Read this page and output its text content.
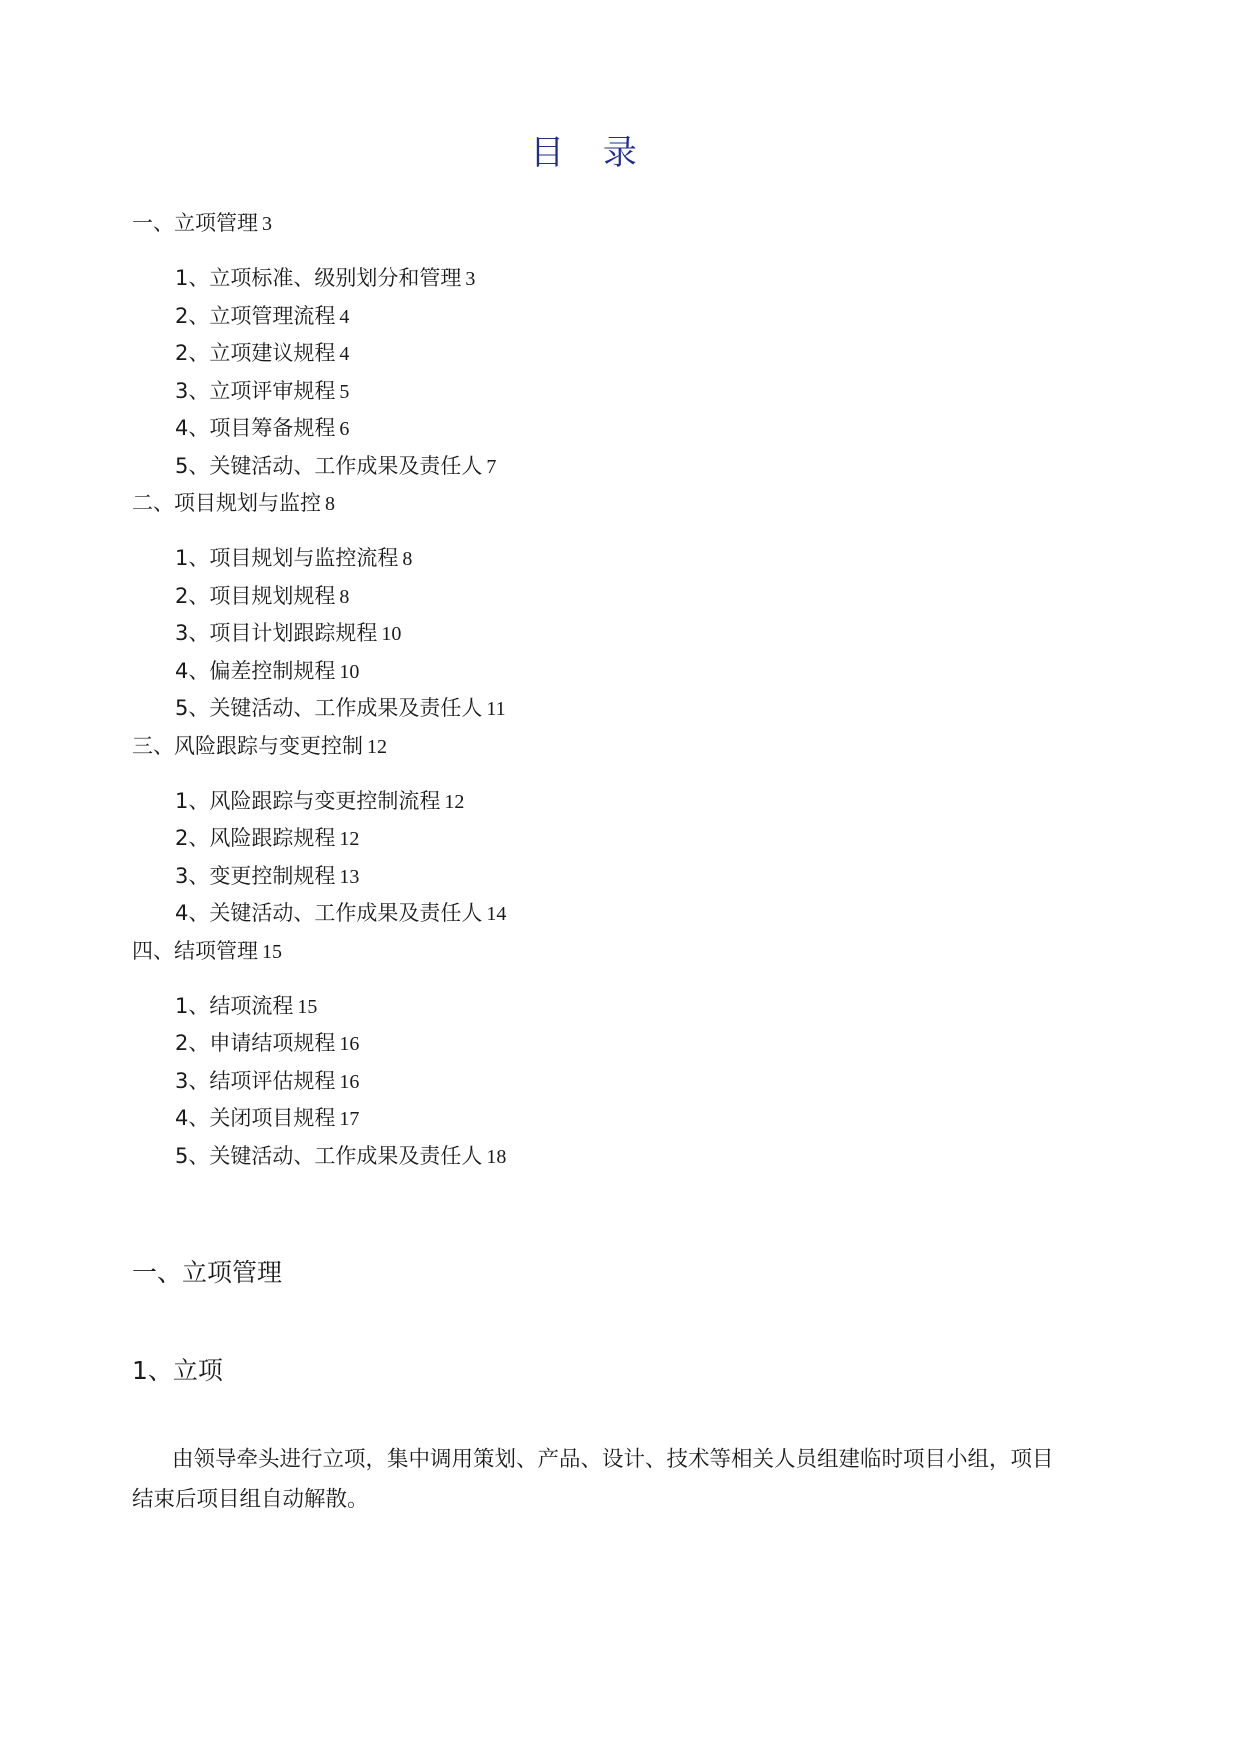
目 录
一、立项管理 3
1、立项标准、级别划分和管理 3
2、立项管理流程 4
2、立项建议规程 4
3、立项评审规程 5
4、项目筹备规程 6
5、关键活动、工作成果及责任人 7
二、项目规划与监控 8
1、项目规划与监控流程 8
2、项目规划规程 8
3、项目计划跟踪规程 10
4、偏差控制规程 10
5、关键活动、工作成果及责任人 11
三、风险跟踪与变更控制 12
1、风险跟踪与变更控制流程 12
2、风险跟踪规程 12
3、变更控制规程 13
4、关键活动、工作成果及责任人 14
四、结项管理 15
1、结项流程 15
2、申请结项规程 16
3、结项评估规程 16
4、关闭项目规程 17
5、关键活动、工作成果及责任人 18
一、立项管理
1、立项

由领导牵头进行立项，集中调用策划、产品、设计、技术等相关人员组建临时项目小组，项目结束后项目组自动解散。
